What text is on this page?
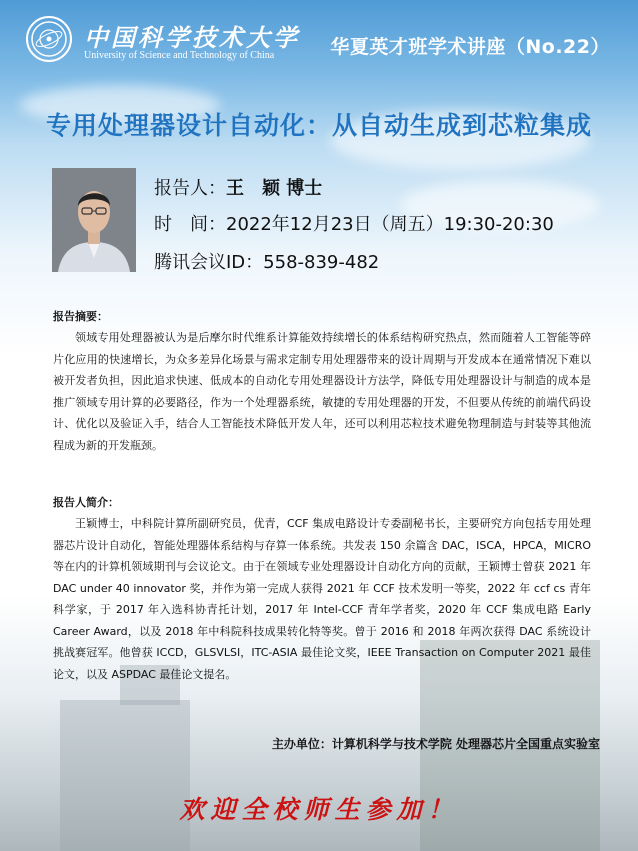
中国科学技术大学
University of Science and Technology of China	华夏英才班学术讲座（No.22）
专用处理器设计自动化：从自动生成到芯粒集成
报告人：王　颖 博士
时　间：2022年12月23日（周五）19:30-20:30
腾讯会议ID：558-839-482
报告摘要：
领域专用处理器被认为是后摩尔时代维系计算能效持续增长的体系结构研究热点，然而随着人工智能等碎片化应用的快速增长，为众多差异化场景与需求定制专用处理器带来的设计周期与开发成本在通常情况下难以被开发者负担，因此追求快速、低成本的自动化专用处理器设计方法学，降低专用处理器设计与制造的成本是推广领域专用计算的必要路径，作为一个处理器系统，敏捷的专用处理器的开发，不但要从传统的前端代码设计、优化以及验证入手，结合人工智能技术降低开发人年，还可以利用芯粒技术避免物理制造与封装等其他流程成为新的开发瓶颈。
报告人简介：
王颖博士，中科院计算所副研究员，优青，CCF 集成电路设计专委副秘书长，主要研究方向包括专用处理器芯片设计自动化，智能处理器体系结构与存算一体系统。共发表 150 余篇含 DAC，ISCA，HPCA，MICRO 等在内的计算机领域期刊与会议论文。由于在领域专业处理器设计自动化方向的贡献，王颖博士曾获 2021 年 DAC under 40 innovator 奖，并作为第一完成人获得 2021 年 CCF 技术发明一等奖，2022 年 ccf cs 青年科学家，于 2017 年入选科协青托计划，2017 年 Intel-CCF 青年学者奖，2020 年 CCF 集成电路 Early Career Award，以及 2018 年中科院科技成果转化特等奖。曾于 2016 和 2018 年两次获得 DAC 系统设计挑战赛冠军。他曾获 ICCD，GLSVLSI，ITC-ASIA 最佳论文奖，IEEE Transaction on Computer 2021 最佳论文，以及 ASPDAC 最佳论文提名。
主办单位：计算机科学与技术学院 处理器芯片全国重点实验室
欢迎全校师生参加！
